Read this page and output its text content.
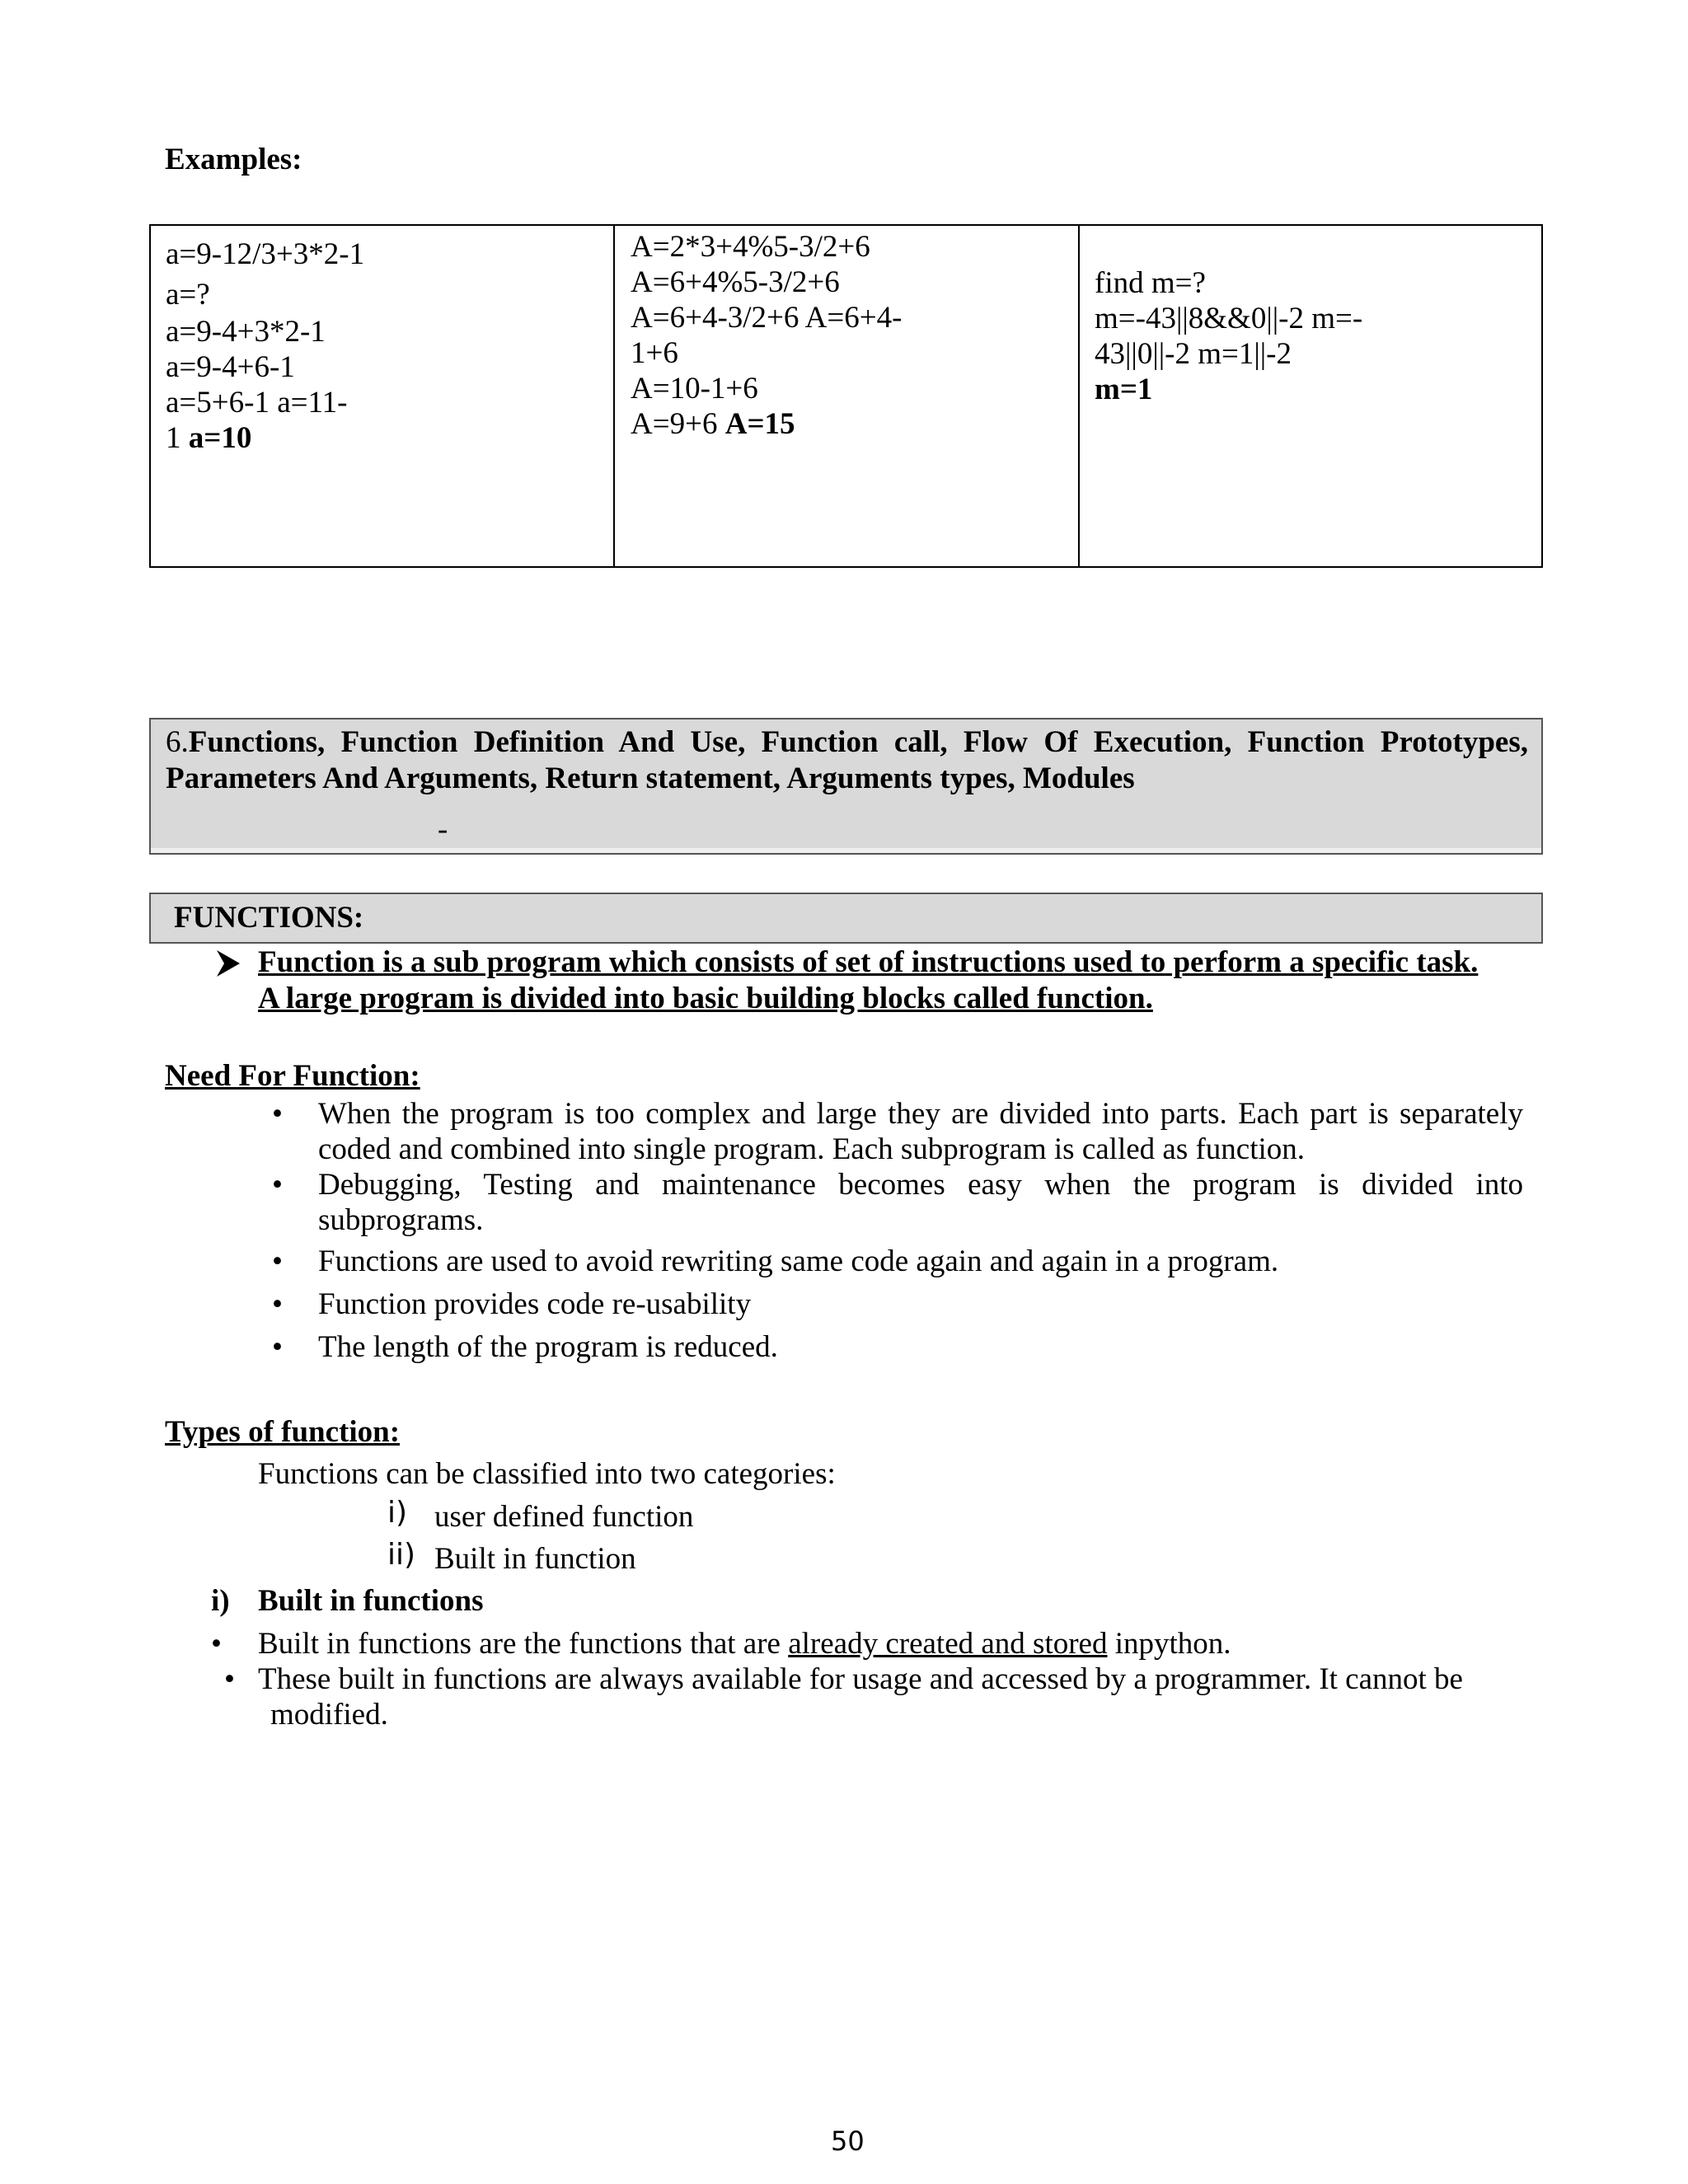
Examples:
a=9-12/3+3*2-1
a=?
a=9-4+3*2-1
a=9-4+6-1
a=5+6-1 a=11-
1 a=10
A=2*3+4%5-3/2+6
A=6+4%5-3/2+6
A=6+4-3/2+6 A=6+4-
1+6
A=10-1+6
A=9+6 A=15
find m=?
m=-43||8&&0||-2 m=-
43||0||-2 m=1||-2
m=1
6.Functions, Function Definition And Use, Function call, Flow Of Execution, Function Prototypes,
Parameters And Arguments, Return statement, Arguments types, Modules
-
FUNCTIONS:
Function is a sub program which consists of set of instructions used to perform a specific task.
A large program is divided into basic building blocks called function.
Need For Function:
• When the program is too complex and large they are divided into parts. Each part is separately
coded and combined into single program. Each subprogram is called as function.
• Debugging, Testing and maintenance becomes easy when the program is divided into
subprograms.
• Functions are used to avoid rewriting same code again and again in a program.
• Function provides code re-usability
• The length of the program is reduced.
Types of function:
Functions can be classified into two categories:
i) user defined function
ii) Built in function
i) Built in functions
• Built in functions are the functions that are already created and stored inpython.
• These built in functions are always available for usage and accessed by a programmer. It cannot be
modified.
50
